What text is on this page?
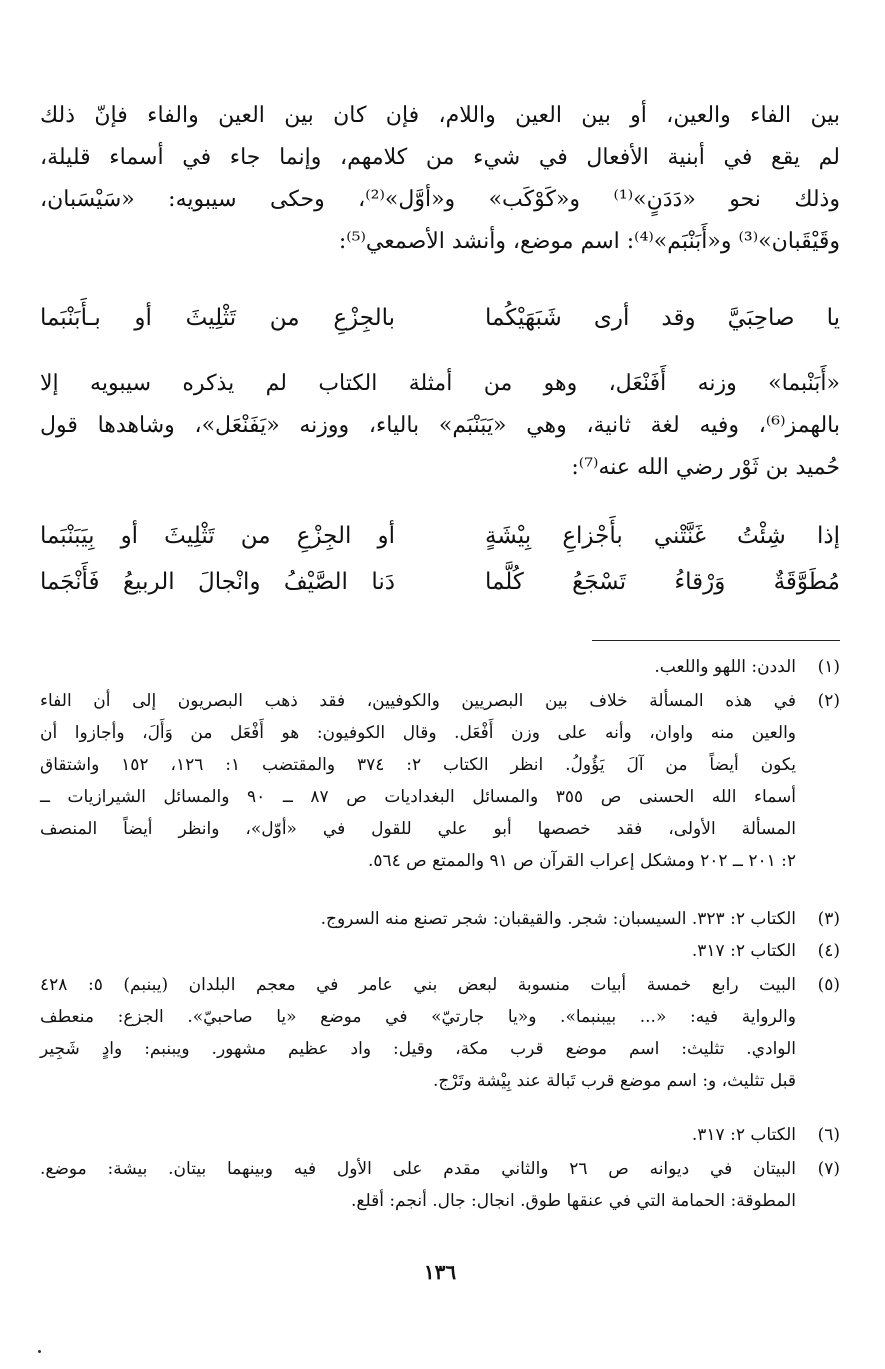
بين الفاء والعين، أو بين العين واللام، فإن كان بين العين والفاء فإنّ ذلك
لم يقع في أبنية الأفعال في شيء من كلامهم، وإنما جاء في أسماء قليلة،
وذلك نحو «دَدَنٍ»⁽¹⁾ و«كَوْكَب» و«أوَّل»⁽²⁾، وحكى سيبويه: «سَيْسَبان،
وقَيْقَبان»⁽³⁾ و«أَبَنْبَم»⁽⁴⁾: اسم موضع، وأنشد الأصمعي⁽⁵⁾:
يا صاحِبَيَّ وقد أرى شَبَهَيْكُما
بالجِزْعِ من تَثْلِيثَ أو بـأَبَنْبَما
«أَبَنْبما» وزنه أَفَنْعَل، وهو من أمثلة الكتاب لم يذكره سيبويه إلا
بالهمز⁽⁶⁾، وفيه لغة ثانية، وهي «يَبَنْبَم» بالياء، ووزنه «يَفَنْعَل»، وشاهدها قول
حُميد بن ثَوْر رضي الله عنه⁽⁷⁾:
إذا شِئْتُ غَنَّتْني بأَجْزاعِ بِيْشَةٍ
أو الجِزْعِ من تَثْلِيثَ أو بِيَبَنْبَما
مُطَوَّقَةٌ وَرْقاءُ تَسْجَعُ كُلَّما
دَنا الصَّيْفُ وانْجالَ الربيعُ فَأَنْجَما
(١)
الددن: اللهو واللعب.
(٢)
في هذه المسألة خلاف بين البصريين والكوفيين، فقد ذهب البصريون إلى أن الفاء
والعين منه واوان، وأنه على وزن أَفْعَل. وقال الكوفيون: هو أَفْعَل من وَأَلَ، وأجازوا أن
يكون أيضاً من آلَ يَؤُولُ. انظر الكتاب ٢: ٣٧٤ والمقتضب ١: ١٢٦، ١٥٢ واشتقاق
أسماء الله الحسنى ص ٣٥٥ والمسائل البغداديات ص ٨٧ ــ ٩٠ والمسائل الشيرازيات ــ
المسألة الأولى، فقد خصصها أبو علي للقول في «أوّل»، وانظر أيضاً المنصف
٢: ٢٠١ ــ ٢٠٢ ومشكل إعراب القرآن ص ٩١ والممتع ص ٥٦٤.
(٣)
الكتاب ٢: ٣٢٣. السيسبان: شجر. والقيقبان: شجر تصنع منه السروج.
(٤)
الكتاب ٢: ٣١٧.
(٥)
البيت رابع خمسة أبيات منسوبة لبعض بني عامر في معجم البلدان (يبنبم) ٥: ٤٢٨
والرواية فيه: «... بيبنبما». و«يا جارتيّ» في موضع «يا صاحبيّ». الجزع: منعطف
الوادي. تثليث: اسم موضع قرب مكة، وقيل: واد عظيم مشهور. ويبنبم: وادٍ شَجِير
قبل تثليث، و: اسم موضع قرب تَبالة عند بِيْشة وتَرْج.
(٦)
الكتاب ٢: ٣١٧.
(٧)
البيتان في ديوانه ص ٢٦ والثاني مقدم على الأول فيه وبينهما بيتان. بيشة: موضع.
المطوقة: الحمامة التي في عنقها طوق. انجال: جال. أنجم: أقلع.
١٣٦
